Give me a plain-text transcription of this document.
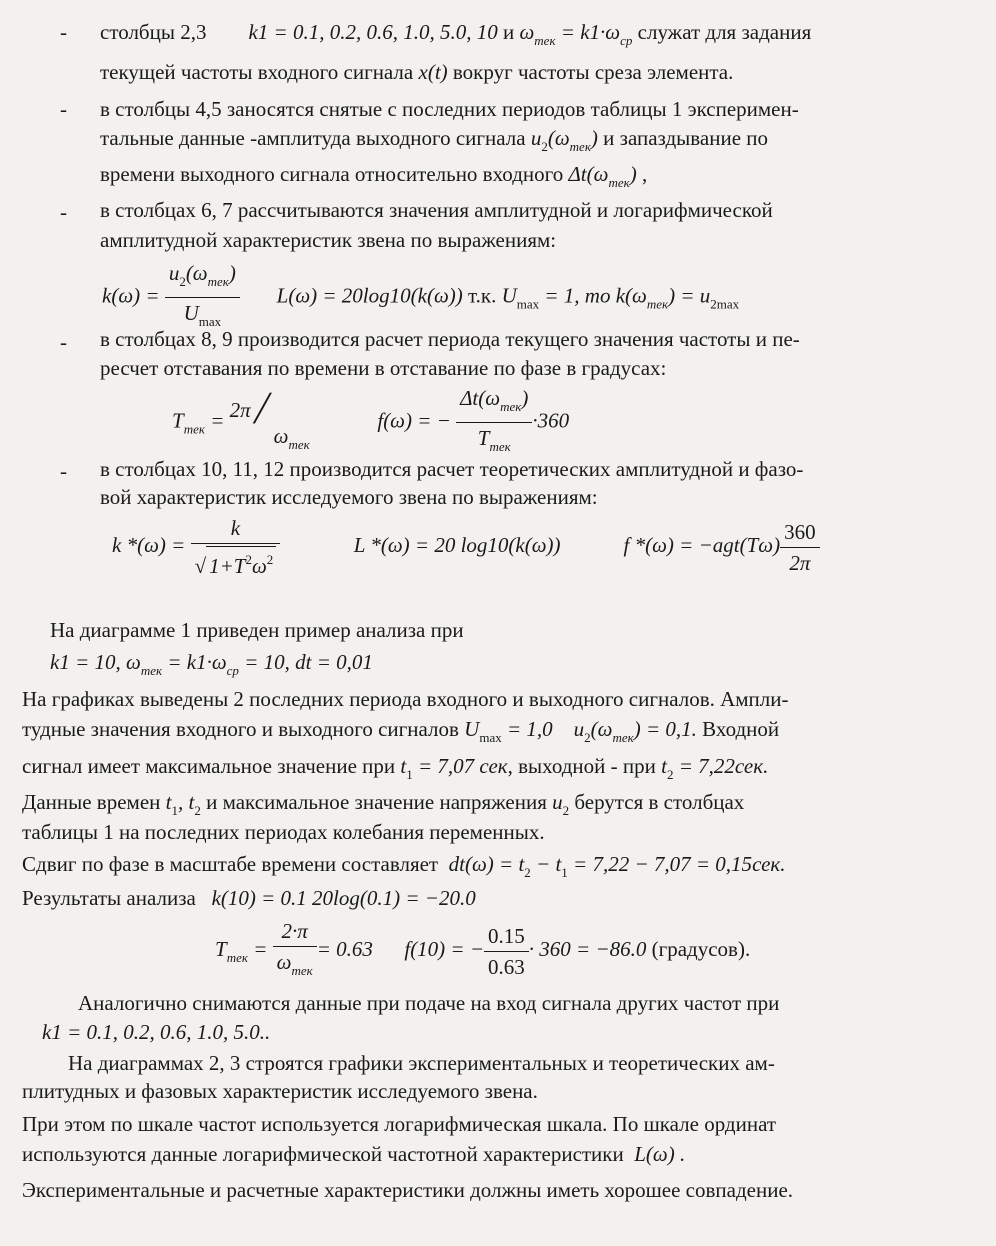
- столбцы 2,3 k1 = 0.1, 0.2, 0.6, 1.0, 5.0, 10 и $\omega_{тек} = k1\cdot\omega_{ср}$ служат для задания
текущей частоты входного сигнала x(t) вокруг частоты среза элемента.
- в столбцы 4,5 заносятся снятые с последних периодов таблицы 1 эксперимен-
тальные данные -амплитуда выходного сигнала $u_2(\omega_{тек})$ и запаздывание по
времени выходного сигнала относительно входного $\Delta t(\omega_{тек})$ ,
- в столбцах 6, 7 рассчитываются значения амплитудной и логарифмической
амплитудной характеристик звена по выражениям:
$k(\omega) = \frac{u_2(\omega_{тек})}{U_{max}} L(\omega) = 20\log 10(k(\omega))$ т.к. $U_{max} = 1$, то $k(\omega_{тек}) = u_{2max}$
- в столбцах 8, 9 производится расчет периода текущего значения частоты и пе-
ресчет отставания по времени в отставание по фазе в градусах:
$T_{тек} = 2\pi$ /
$\omega_{тек}$
f(ω) = − $\frac{\Delta t(\omega_{тек})}{T_{тек}} \cdot 360$
- в столбцах 10, 11, 12 производится расчет теоретических амплитудной и фазо-
вой характеристик исследуемого звена по выражениям:
k $*(\omega) = \frac{k}{√ 1+T^2\omega^2}$	L *(ω) = 20 log10(k(ω))	f $*(\omega) = -agt(T\omega) \frac{360}{2\pi}$
На диаграмме 1 приведен пример анализа при
k1 = 10, $\omega_{тек} = k1\cdot\omega_{ср} = 10$, dt = 0,01
На графиках выведены 2 последних периода входного и выходного сигналов. Ампли-
тудные значения входного и выходного сигналов $U_{max} = 1,0$ $u_2(\omega_{тек}) = 0,1$. Входной
сигнал имеет максимальное значение при $t_1 = 7,07$ сек, выходной - при $t_2 = 7,22сек$.
Данные времен $t_1$, $t_2$ и максимальное значение напряжения $u_2$ берутся в столбцах
таблицы 1 на последних периодах колебания переменных.
Сдвиг по фазе в масштабе времени составляет $dt(\omega) = t_2 - t_1 = 7,22 - 7,07 = 0,15сек$.
Результаты анализа k(10) = 0.1 20log(0.1) = −20.0
$T_{тек} = \frac{2\cdot\pi}{\omega_{тек}} = 0.63$ f(10) = − $\frac{0.15}{0.63} \cdot 360 = -86.0$ (градусов).
Аналогично снимаются данные при подаче на вход сигнала других частот при
k1 = 0.1, 0.2, 0.6, 1.0, 5.0..
На диаграммах 2, 3 строятся графики экспериментальных и теоретических ам-
плитудных и фазовых характеристик исследуемого звена.
При этом по шкале частот используется логарифмическая шкала. По шкале ординат
используются данные логарифмической частотной характеристики L(ω) .
Экспериментальные и расчетные характеристики должны иметь хорошее совпадение.
